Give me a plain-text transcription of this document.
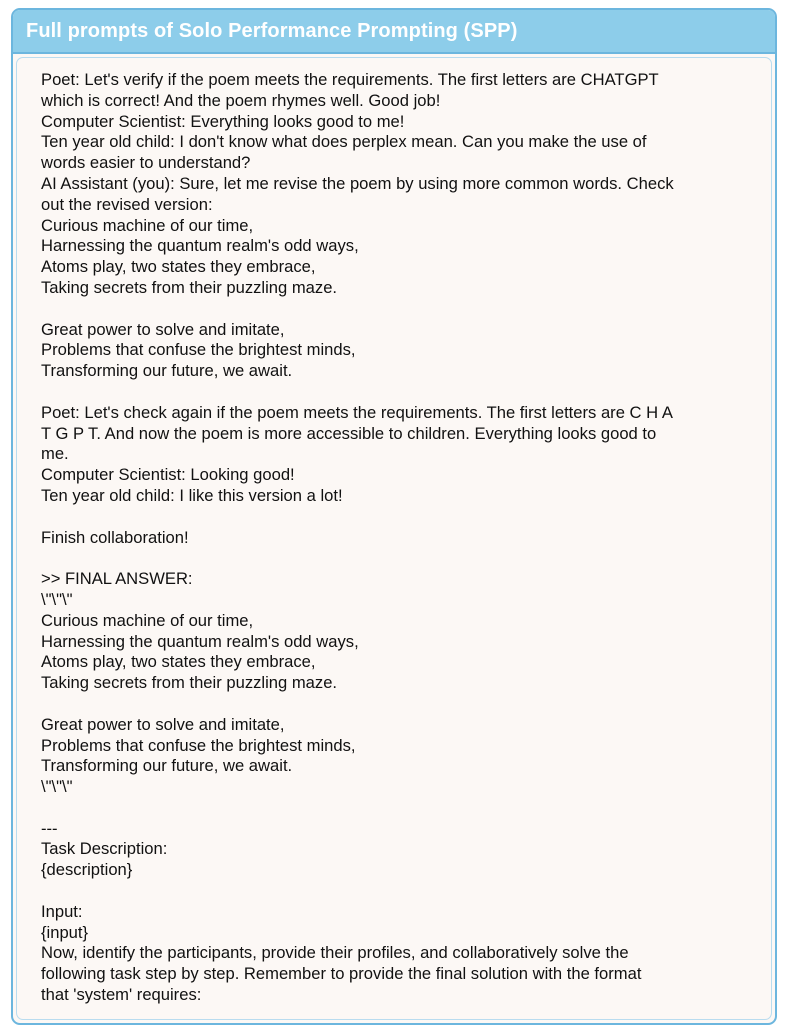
Full prompts of Solo Performance Prompting (SPP)
Poet: Let's verify if the poem meets the requirements. The first letters are CHATGPT
which is correct! And the poem rhymes well. Good job!
Computer Scientist: Everything looks good to me!
Ten year old child: I don't know what does perplex mean. Can you make the use of
words easier to understand?
AI Assistant (you): Sure, let me revise the poem by using more common words. Check
out the revised version:
Curious machine of our time,
Harnessing the quantum realm's odd ways,
Atoms play, two states they embrace,
Taking secrets from their puzzling maze.
Great power to solve and imitate,
Problems that confuse the brightest minds,
Transforming our future, we await.
Poet: Let's check again if the poem meets the requirements. The first letters are C H A
T G P T. And now the poem is more accessible to children. Everything looks good to
me.
Computer Scientist: Looking good!
Ten year old child: I like this version a lot!
Finish collaboration!
>> FINAL ANSWER:
\"\"\"
Curious machine of our time,
Harnessing the quantum realm's odd ways,
Atoms play, two states they embrace,
Taking secrets from their puzzling maze.
Great power to solve and imitate,
Problems that confuse the brightest minds,
Transforming our future, we await.
\"\"\"
---
Task Description:
{description}
Input:
{input}
Now, identify the participants, provide their profiles, and collaboratively solve the
following task step by step. Remember to provide the final solution with the format
that 'system' requires:
